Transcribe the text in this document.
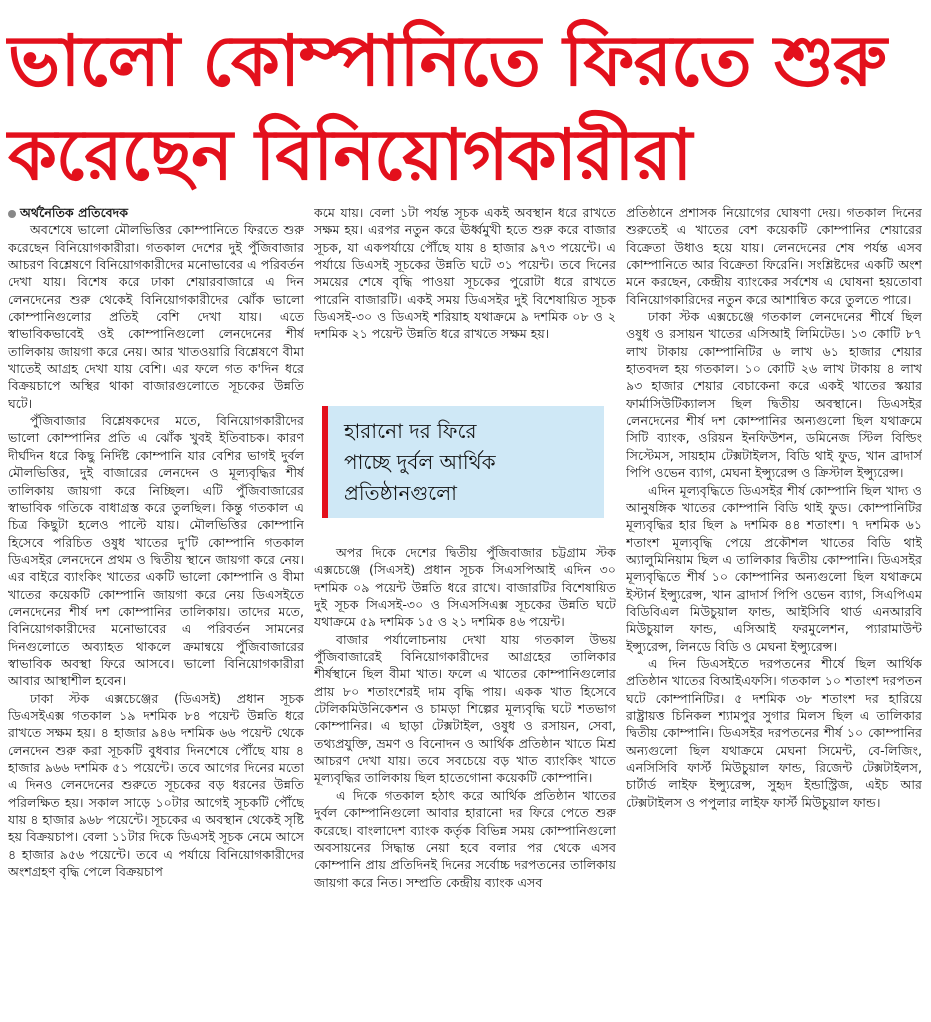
ভালো কোম্পানিতে ফিরতে শুরু
করেছেন বিনিয়োগকারীরা

অর্থনৈতিক প্রতিবেদক

অবশেষে ভালো মৌলভিত্তির কোম্পানিতে ফিরতে শুরু করেছেন বিনিয়োগকারীরা। গতকাল দেশের দুই পুঁজিবাজার আচরণ বিশ্লেষণে বিনিয়োগকারীদের মনোভাবের এ পরিবর্তন দেখা যায়। বিশেষ করে ঢাকা শেয়ারবাজারে এ দিন লেনদেনের শুরু থেকেই বিনিয়োগকারীদের ঝোঁক ভালো কোম্পানিগুলোর প্রতিই বেশি দেখা যায়। এতে স্বাভাবিকভাবেই ওই কোম্পানিগুলো লেনদেনের শীর্ষ তালিকায় জায়গা করে নেয়। আর খাতওয়ারি বিশ্লেষণে বীমা খাতেই আগ্রহ দেখা যায় বেশি। এর ফলে গত ক'দিন ধরে বিক্রয়চাপে অস্থির থাকা বাজারগুলোতে সূচকের উন্নতি ঘটে।

পুঁজিবাজার বিশ্লেষকদের মতে, বিনিয়োগকারীদের ভালো কোম্পানির প্রতি এ ঝোঁক খুবই ইতিবাচক। কারণ দীর্ঘদিন ধরে কিছু নির্দিষ্ট কোম্পানি যার বেশির ভাগই দুর্বল মৌলভিত্তির, দুই বাজারের লেনদেন ও মূল্যবৃদ্ধির শীর্ষ তালিকায় জায়গা করে নিচ্ছিল। এটি পুঁজিবাজারের স্বাভাবিক গতিকে বাধাগ্রস্ত করে তুলছিল। কিন্তু গতকাল এ চিত্র কিছুটা হলেও পাল্টে যায়। মৌলভিত্তির কোম্পানি হিসেবে পরিচিত ওষুধ খাতের দু'টি কোম্পানি গতকাল ডিএসইর লেনদেনে প্রথম ও দ্বিতীয় স্থানে জায়গা করে নেয়। এর বাইরে ব্যাংকিং খাতের একটি ভালো কোম্পানি ও বীমা খাতের কয়েকটি কোম্পানি জায়গা করে নেয় ডিএসইতে লেনদেনের শীর্ষ দশ কোম্পানির তালিকায়। তাদের মতে, বিনিয়োগকারীদের মনোভাবের এ পরিবর্তন সামনের দিনগুলোতে অব্যাহত থাকলে ক্রমান্বয়ে পুঁজিবাজারের স্বাভাবিক অবস্থা ফিরে আসবে। ভালো বিনিয়োগকারীরা আবার আস্থাশীল হবেন।

ঢাকা স্টক এক্সচেঞ্জের (ডিএসই) প্রধান সূচক ডিএসইএক্স গতকাল ১৯ দশমিক ৮৪ পয়েন্ট উন্নতি ধরে রাখতে সক্ষম হয়। ৪ হাজার ৯৪৬ দশমিক ৬৬ পয়েন্ট থেকে লেনদেন শুরু করা সূচকটি বুধবার দিনশেষে পৌঁছে যায় ৪ হাজার ৯৬৬ দশমিক ৫১ পয়েন্টে। তবে আগের দিনের মতো এ দিনও লেনদেনের শুরুতে সূচকের বড় ধরনের উন্নতি পরিলক্ষিত হয়। সকাল সাড়ে ১০টার আগেই সূচকটি পৌঁছে যায় ৪ হাজার ৯৬৮ পয়েন্টে। সূচকের এ অবস্থান থেকেই সৃষ্টি হয় বিক্রয়চাপ। বেলা ১১টার দিকে ডিএসই সূচক নেমে আসে ৪ হাজার ৯৫৬ পয়েন্টে। তবে এ পর্যায়ে বিনিয়োগকারীদের অংশগ্রহণ বৃদ্ধি পেলে বিক্রয়চাপ

কমে যায়। বেলা ১টা পর্যন্ত সূচক একই অবস্থান ধরে রাখতে সক্ষম হয়। এরপর নতুন করে ঊর্ধ্বমুখী হতে শুরু করে বাজার সূচক, যা একপর্যায়ে পৌঁছে যায় ৪ হাজার ৯৭৩ পয়েন্টে। এ পর্যায়ে ডিএসই সূচকের উন্নতি ঘটে ৩১ পয়েন্ট। তবে দিনের সময়ের শেষে বৃদ্ধি পাওয়া সূচকের পুরোটা ধরে রাখতে পারেনি বাজারটি। একই সময় ডিএসইর দুই বিশেষায়িত সূচক ডিএসই-৩০ ও ডিএসই শরিয়াহ যথাক্রমে ৯ দশমিক ০৮ ও ২ দশমিক ২১ পয়েন্ট উন্নতি ধরে রাখতে সক্ষম হয়।

হারানো দর ফিরে
পাচ্ছে দুর্বল আর্থিক
প্রতিষ্ঠানগুলো

অপর দিকে দেশের দ্বিতীয় পুঁজিবাজার চট্টগ্রাম স্টক এক্সচেঞ্জে (সিএসই) প্রধান সূচক সিএসপিআই এদিন ৩০ দশমিক ০৯ পয়েন্ট উন্নতি ধরে রাখে। বাজারটির বিশেষায়িত দুই সূচক সিএসই-৩০ ও সিএসসিএক্স সূচকের উন্নতি ঘটে যথাক্রমে ৫৯ দশমিক ১৫ ও ২১ দশমিক ৪৬ পয়েন্ট।

বাজার পর্যালোচনায় দেখা যায় গতকাল উভয় পুঁজিবাজারেই বিনিয়োগকারীদের আগ্রহের তালিকার শীর্ষস্থানে ছিল বীমা খাত। ফলে এ খাতের কোম্পানিগুলোর প্রায় ৮০ শতাংশেরই দাম বৃদ্ধি পায়। একক খাত হিসেবে টেলিকমিউনিকেশন ও চামড়া শিল্পের মূল্যবৃদ্ধি ঘটে শতভাগ কোম্পানির। এ ছাড়া টেক্সটাইল, ওষুধ ও রসায়ন, সেবা, তথ্যপ্রযুক্তি, ভ্রমণ ও বিনোদন ও আর্থিক প্রতিষ্ঠান খাতে মিশ্র আচরণ দেখা যায়। তবে সবচেয়ে বড় খাত ব্যাংকিং খাতে মূল্যবৃদ্ধির তালিকায় ছিল হাতেগোনা কয়েকটি কোম্পানি।

এ দিকে গতকাল হঠাৎ করে আর্থিক প্রতিষ্ঠান খাতের দুর্বল কোম্পানিগুলো আবার হারানো দর ফিরে পেতে শুরু করেছে। বাংলাদেশ ব্যাংক কর্তৃক বিভিন্ন সময় কোম্পানিগুলো অবসায়নের সিদ্ধান্ত নেয়া হবে বলার পর থেকে এসব কোম্পানি প্রায় প্রতিদিনই দিনের সর্বোচ্চ দরপতনের তালিকায় জায়গা করে নিত। সম্প্রতি কেন্দ্রীয় ব্যাংক এসব

প্রতিষ্ঠানে প্রশাসক নিয়োগের ঘোষণা দেয়। গতকাল দিনের শুরুতেই এ খাতের বেশ কয়েকটি কোম্পানির শেয়ারের বিক্রেতা উধাও হয়ে যায়। লেনদেনের শেষ পর্যন্ত এসব কোম্পানিতে আর বিক্রেতা ফিরেনি। সংশ্লিষ্টদের একটি অংশ মনে করছেন, কেন্দ্রীয় ব্যাংকের সর্বশেষ এ ঘোষনা হয়তোবা বিনিয়োগকারিদের নতুন করে আশান্বিত করে তুলতে পারে।

ঢাকা স্টক এক্সচেঞ্জে গতকাল লেনদেনের শীর্ষে ছিল ওষুধ ও রসায়ন খাতের এসিআই লিমিটেড। ১৩ কোটি ৮৭ লাখ টাকায় কোম্পানিটির ৬ লাখ ৬১ হাজার শেয়ার হাতবদল হয় গতকাল। ১০ কোটি ২৬ লাখ টাকায় ৪ লাখ ৯৩ হাজার শেয়ার বেচাকেনা করে একই খাতের স্কয়ার ফার্মাসিউটিক্যালস ছিল দ্বিতীয় অবস্থানে। ডিএসইর লেনদেনের শীর্ষ দশ কোম্পানির অন্যগুলো ছিল যথাক্রমে সিটি ব্যাংক, ওরিয়ন ইনফিউশন, ডমিনেজ স্টিল বিল্ডিং সিস্টেমস, সায়হাম টেক্সটাইলস, বিডি থাই ফুড, খান ব্রাদার্স পিপি ওভেন ব্যাগ, মেঘনা ইন্স্যুরেন্স ও ক্রিস্টাল ইন্স্যুরেন্স।

এদিন মূল্যবৃদ্ধিতে ডিএসইর শীর্ষ কোম্পানি ছিল খাদ্য ও আনুষঙ্গিক খাতের কোম্পানি বিডি থাই ফুড। কোম্পানিটির মূল্যবৃদ্ধির হার ছিল ৯ দশমিক ৪৪ শতাংশ। ৭ দশমিক ৬১ শতাংশ মূল্যবৃদ্ধি পেয়ে প্রকৌশল খাতের বিডি থাই অ্যালুমিনিয়াম ছিল এ তালিকার দ্বিতীয় কোম্পানি। ডিএসইর মূল্যবৃদ্ধিতে শীর্ষ ১০ কোম্পানির অন্যগুলো ছিল যথাক্রমে ইস্টার্ন ইন্স্যুরেন্স, খান ব্রাদার্স পিপি ওভেন ব্যাগ, সিএপিএম বিডিবিএল মিউচুয়াল ফান্ড, আইসিবি থার্ড এনআরবি মিউচুয়াল ফান্ড, এসিআই ফরমুলেশন, প্যারামাউন্ট ইন্স্যুরেন্স, লিনডে বিডি ও মেঘনা ইন্স্যুরেন্স।

এ দিন ডিএসইতে দরপতনের শীর্ষে ছিল আর্থিক প্রতিষ্ঠান খাতের বিআইএফসি। গতকাল ১০ শতাংশ দরপতন ঘটে কোম্পানিটির। ৫ দশমিক ৩৮ শতাংশ দর হারিয়ে রাষ্ট্রায়ত্ত চিনিকল শ্যামপুর সুগার মিলস ছিল এ তালিকার দ্বিতীয় কোম্পানি। ডিএসইর দরপতনের শীর্ষ ১০ কোম্পানির অন্যগুলো ছিল যথাক্রমে মেঘনা সিমেন্ট, বে-লিজিং, এনসিসিবি ফার্স্ট মিউচুয়াল ফান্ড, রিজেন্ট টেক্সটাইলস, চার্টার্ড লাইফ ইন্স্যুরেন্স, সুহৃদ ইন্ডাস্ট্রিজ, এইচ আর টেক্সটাইলস ও পপুলার লাইফ ফার্স্ট মিউচুয়াল ফান্ড।
